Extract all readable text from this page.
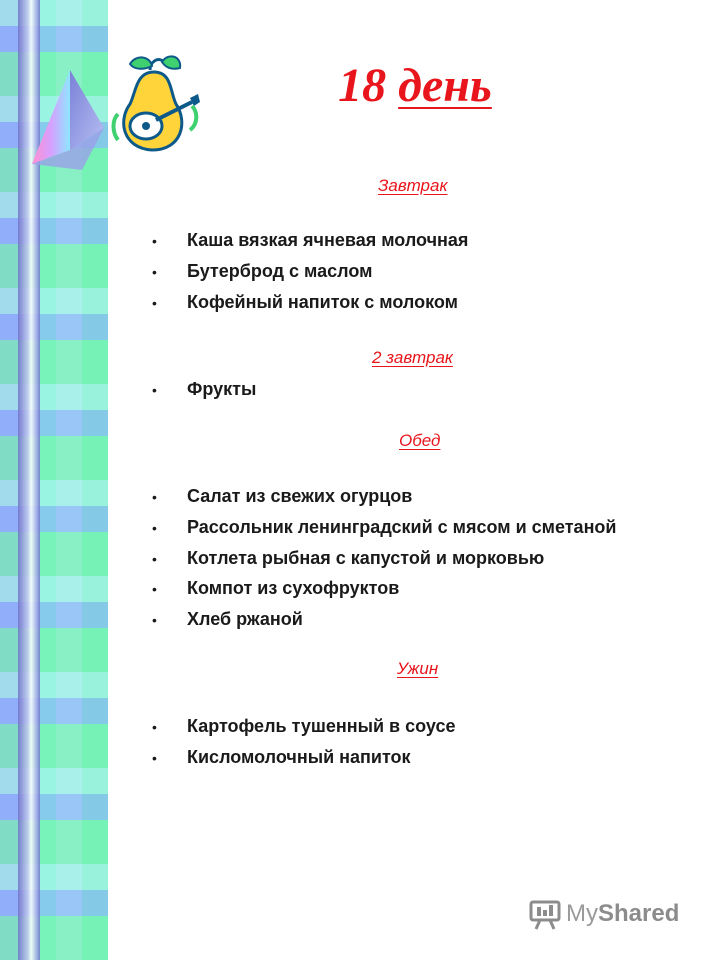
18 день
Завтрак
• Каша вязкая ячневая молочная
• Бутерброд с маслом
• Кофейный напиток с молоком
2 завтрак
• Фрукты
Обед
• Салат из свежих огурцов
• Рассольник ленинградский с мясом и сметаной
• Котлета рыбная с капустой и морковью
• Компот из сухофруктов
• Хлеб ржаной
Ужин
• Картофель тушенный в соусе
• Кисломолочный напиток
MyShared
